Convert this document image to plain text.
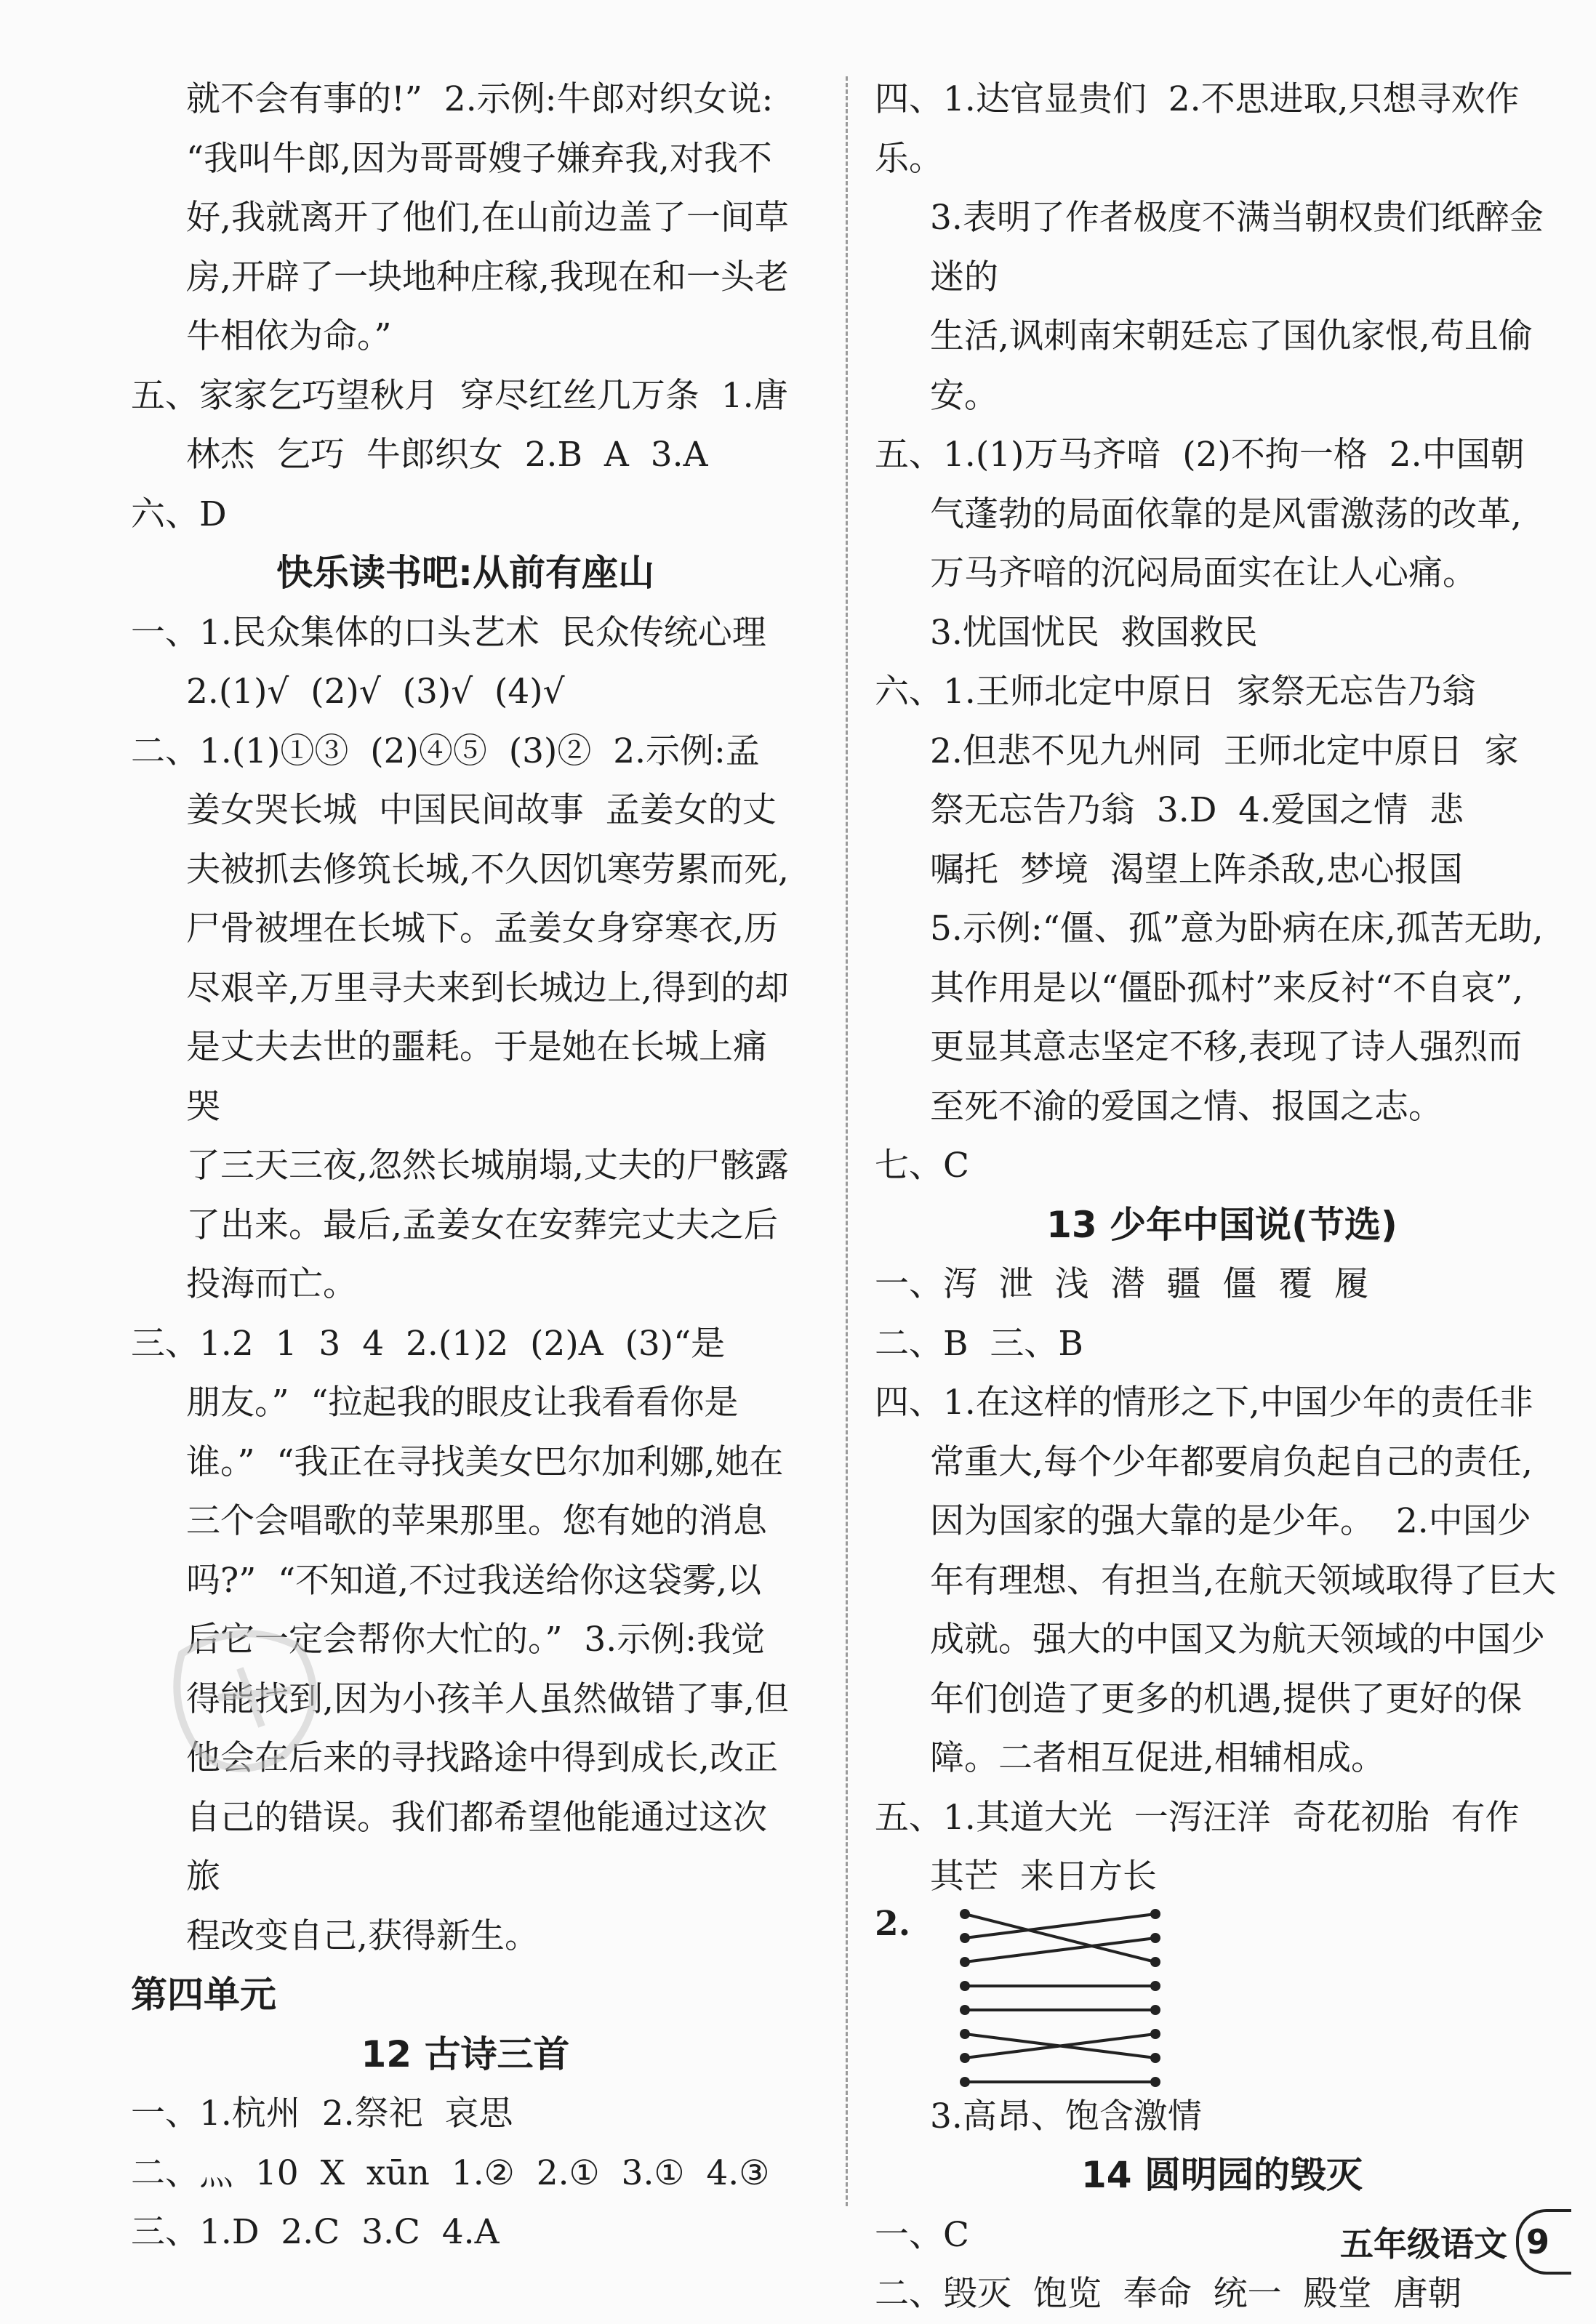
就不会有事的!”  2.示例:牛郎对织女说:

“我叫牛郎,因为哥哥嫂子嫌弃我,对我不

好,我就离开了他们,在山前边盖了一间草

房,开辟了一块地种庄稼,我现在和一头老

牛相依为命。”

五、家家乞巧望秋月  穿尽红丝几万条  1.唐

林杰  乞巧  牛郎织女  2.B  A  3.A

六、D

快乐读书吧:从前有座山

一、1.民众集体的口头艺术  民众传统心理

2.(1)√  (2)√  (3)√  (4)√

二、1.(1)①③  (2)④⑤  (3)②  2.示例:孟

姜女哭长城  中国民间故事  孟姜女的丈

夫被抓去修筑长城,不久因饥寒劳累而死,

尸骨被埋在长城下。孟姜女身穿寒衣,历

尽艰辛,万里寻夫来到长城边上,得到的却

是丈夫去世的噩耗。于是她在长城上痛哭

了三天三夜,忽然长城崩塌,丈夫的尸骸露

了出来。最后,孟姜女在安葬完丈夫之后

投海而亡。

三、1.2  1  3  4  2.(1)2  (2)A  (3)“是

朋友。”  “拉起我的眼皮让我看看你是

谁。”  “我正在寻找美女巴尔加利娜,她在

三个会唱歌的苹果那里。您有她的消息

吗?”  “不知道,不过我送给你这袋雾,以

后它一定会帮你大忙的。”  3.示例:我觉

得能找到,因为小孩羊人虽然做错了事,但

他会在后来的寻找路途中得到成长,改正

自己的错误。我们都希望他能通过这次旅

程改变自己,获得新生。

第四单元

12 古诗三首

一、1.杭州  2.祭祀  哀思

二、灬  10  X  xūn  1.②  2.①  3.①  4.③

三、1.D  2.C  3.C  4.A

四、1.达官显贵们  2.不思进取,只想寻欢作乐。

3.表明了作者极度不满当朝权贵们纸醉金迷的

生活,讽刺南宋朝廷忘了国仇家恨,苟且偷安。

五、1.(1)万马齐喑  (2)不拘一格  2.中国朝

气蓬勃的局面依靠的是风雷激荡的改革,

万马齐喑的沉闷局面实在让人心痛。

3.忧国忧民  救国救民

六、1.王师北定中原日  家祭无忘告乃翁

2.但悲不见九州同  王师北定中原日  家

祭无忘告乃翁  3.D  4.爱国之情  悲

嘱托  梦境  渴望上阵杀敌,忠心报国

5.示例:“僵、孤”意为卧病在床,孤苦无助,

其作用是以“僵卧孤村”来反衬“不自哀”,

更显其意志坚定不移,表现了诗人强烈而

至死不渝的爱国之情、报国之志。

七、C

13 少年中国说(节选)

一、泻  泄  浅  潜  疆  僵  覆  履

二、B  三、B

四、1.在这样的情形之下,中国少年的责任非

常重大,每个少年都要肩负起自己的责任,

因为国家的强大靠的是少年。  2.中国少

年有理想、有担当,在航天领域取得了巨大

成就。强大的中国又为航天领域的中国少

年们创造了更多的机遇,提供了更好的保

障。二者相互促进,相辅相成。

五、1.其道大光  一泻汪洋  奇花初胎  有作

其芒  来日方长

2.

3.高昂、饱含激情

14 圆明园的毁灭

一、C

二、毁灭  饱览  奉命  统一  殿堂  唐朝

五年级语文 9
